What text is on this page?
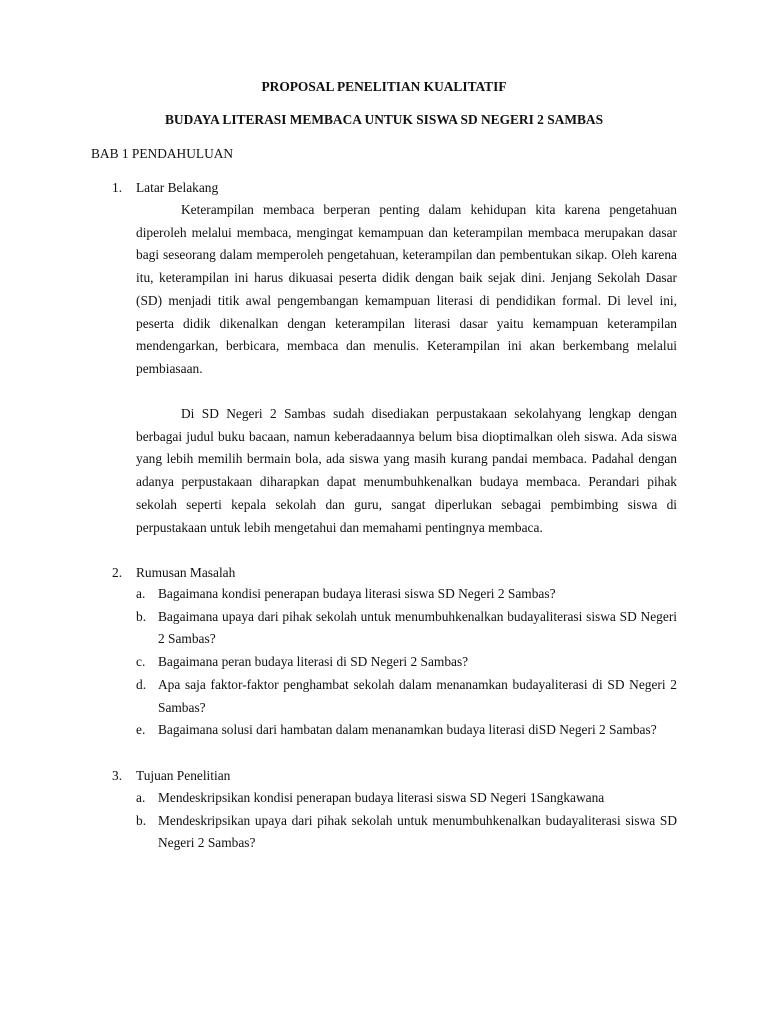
PROPOSAL PENELITIAN KUALITATIF
BUDAYA LITERASI MEMBACA UNTUK SISWA SD NEGERI 2 SAMBAS
BAB 1 PENDAHULUAN
1. Latar Belakang

Keterampilan membaca berperan penting dalam kehidupan kita karena pengetahuan diperoleh melalui membaca, mengingat kemampuan dan keterampilan membaca merupakan dasar bagi seseorang dalam memperoleh pengetahuan, keterampilan dan pembentukan sikap. Oleh karena itu, keterampilan ini harus dikuasai peserta didik dengan baik sejak dini. Jenjang Sekolah Dasar (SD) menjadi titik awal pengembangan kemampuan literasi di pendidikan formal. Di level ini, peserta didik dikenalkan dengan keterampilan literasi dasar yaitu kemampuan keterampilan mendengarkan, berbicara, membaca dan menulis. Keterampilan ini akan berkembang melalui pembiasaan.

Di SD Negeri 2 Sambas sudah disediakan perpustakaan sekolahyang lengkap dengan berbagai judul buku bacaan, namun keberadaannya belum bisa dioptimalkan oleh siswa. Ada siswa yang lebih memilih bermain bola, ada siswa yang masih kurang pandai membaca. Padahal dengan adanya perpustakaan diharapkan dapat menumbuhkenalkan budaya membaca. Perandari pihak sekolah seperti kepala sekolah dan guru, sangat diperlukan sebagai pembimbing siswa di perpustakaan untuk lebih mengetahui dan memahami pentingnya membaca.

2. Rumusan Masalah
a. Bagaimana kondisi penerapan budaya literasi siswa SD Negeri 2 Sambas?
b. Bagaimana upaya dari pihak sekolah untuk menumbuhkenalkan budayaliterasi siswa SD Negeri 2 Sambas?
c. Bagaimana peran budaya literasi di SD Negeri 2 Sambas?
d. Apa saja faktor-faktor penghambat sekolah dalam menanamkan budayaliterasi di SD Negeri 2 Sambas?
e. Bagaimana solusi dari hambatan dalam menanamkan budaya literasi diSD Negeri 2 Sambas?
3. Tujuan Penelitian
a. Mendeskripsikan kondisi penerapan budaya literasi siswa SD Negeri 1Sangkawana
b. Mendeskripsikan upaya dari pihak sekolah untuk menumbuhkenalkan budayaliterasi siswa SD Negeri 2 Sambas?
